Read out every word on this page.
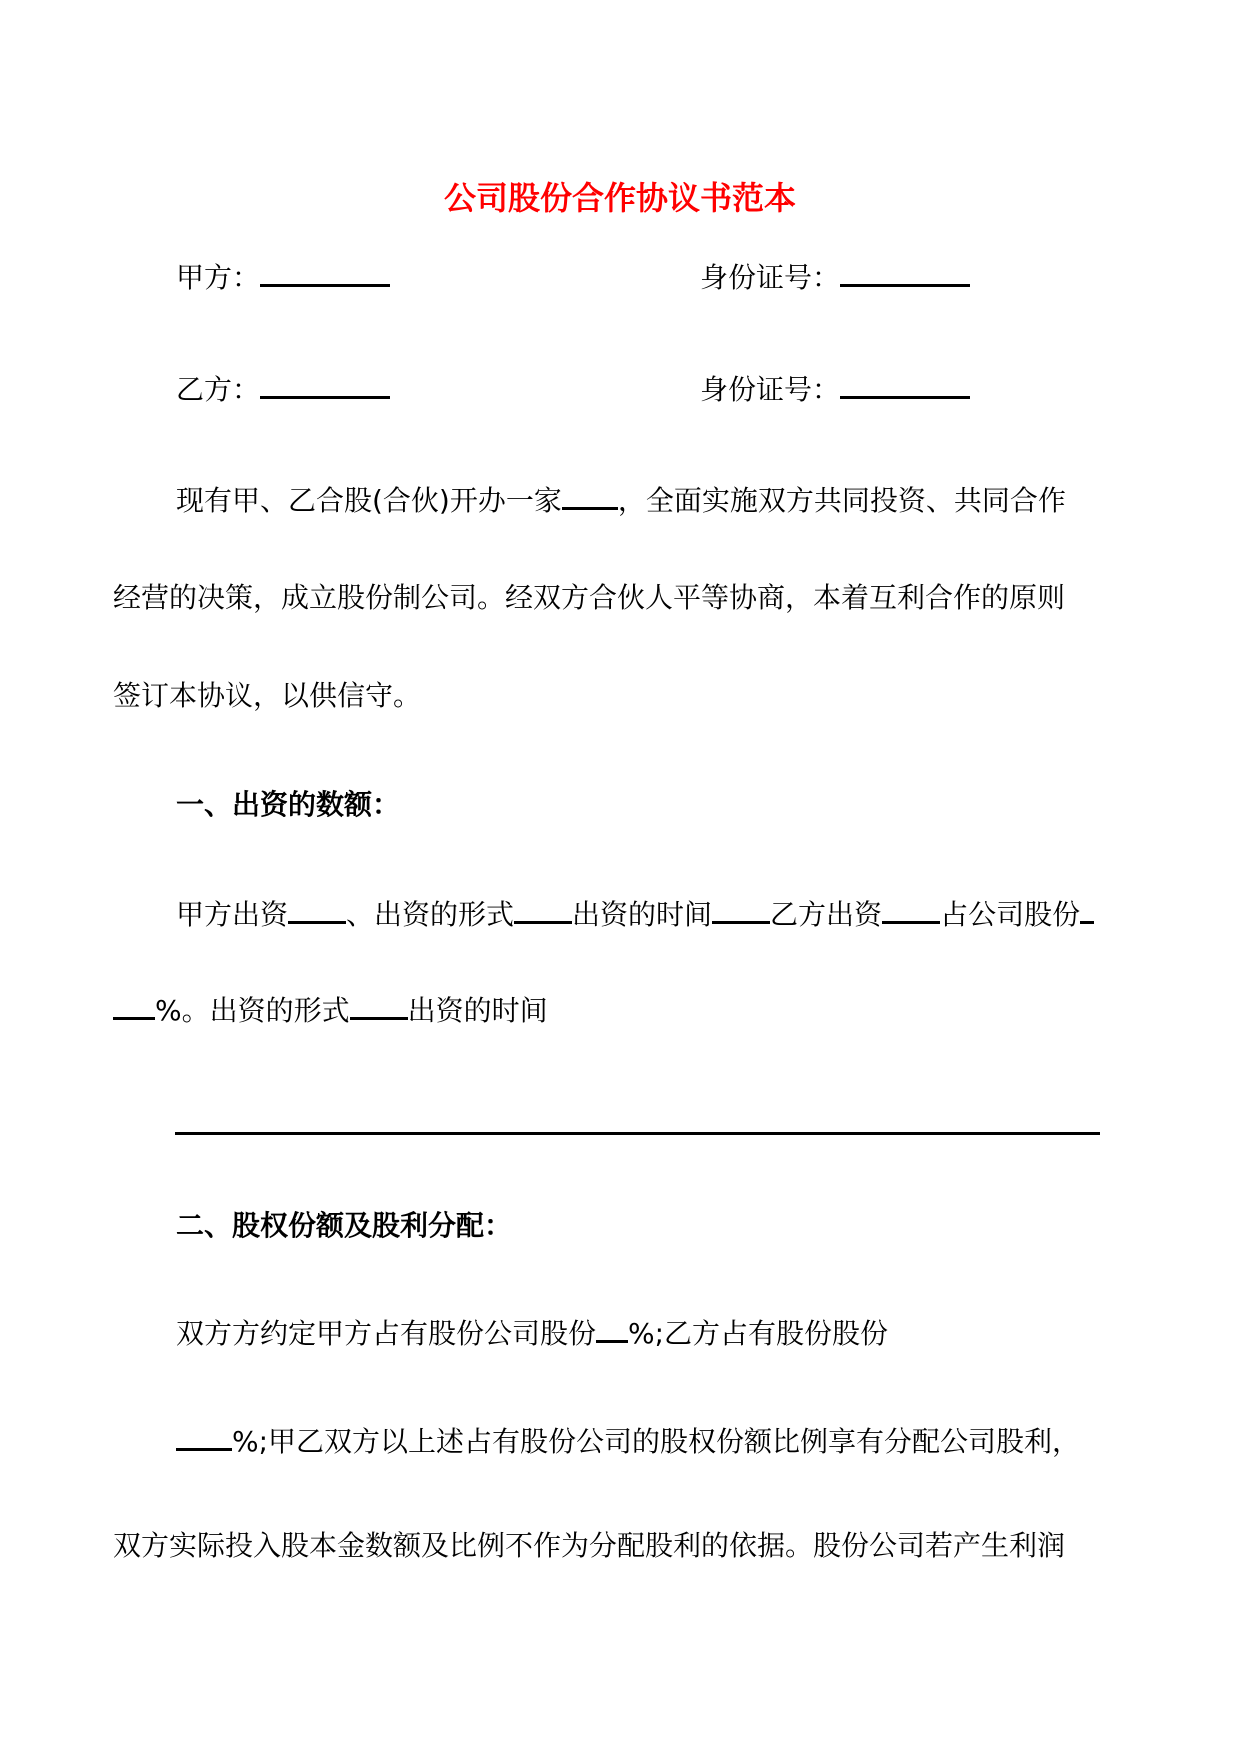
公司股份合作协议书范本
甲方：	身份证号：
乙方：	身份证号：
现有甲、乙合股(合伙)开办一家 ，全面实施双方共同投资、共同合作
经营的决策，成立股份制公司。经双方合伙人平等协商，本着互利合作的原则
签订本协议，以供信守。
一、出资的数额：
甲方出资 、出资的形式 出资的时间 乙方出资 占公司股份
%。出资的形式 出资的时间
二、股权份额及股利分配：
双方方约定甲方占有股份公司股份 %;乙方占有股份股份
%;甲乙双方以上述占有股份公司的股权份额比例享有分配公司股利，
双方实际投入股本金数额及比例不作为分配股利的依据。股份公司若产生利润
